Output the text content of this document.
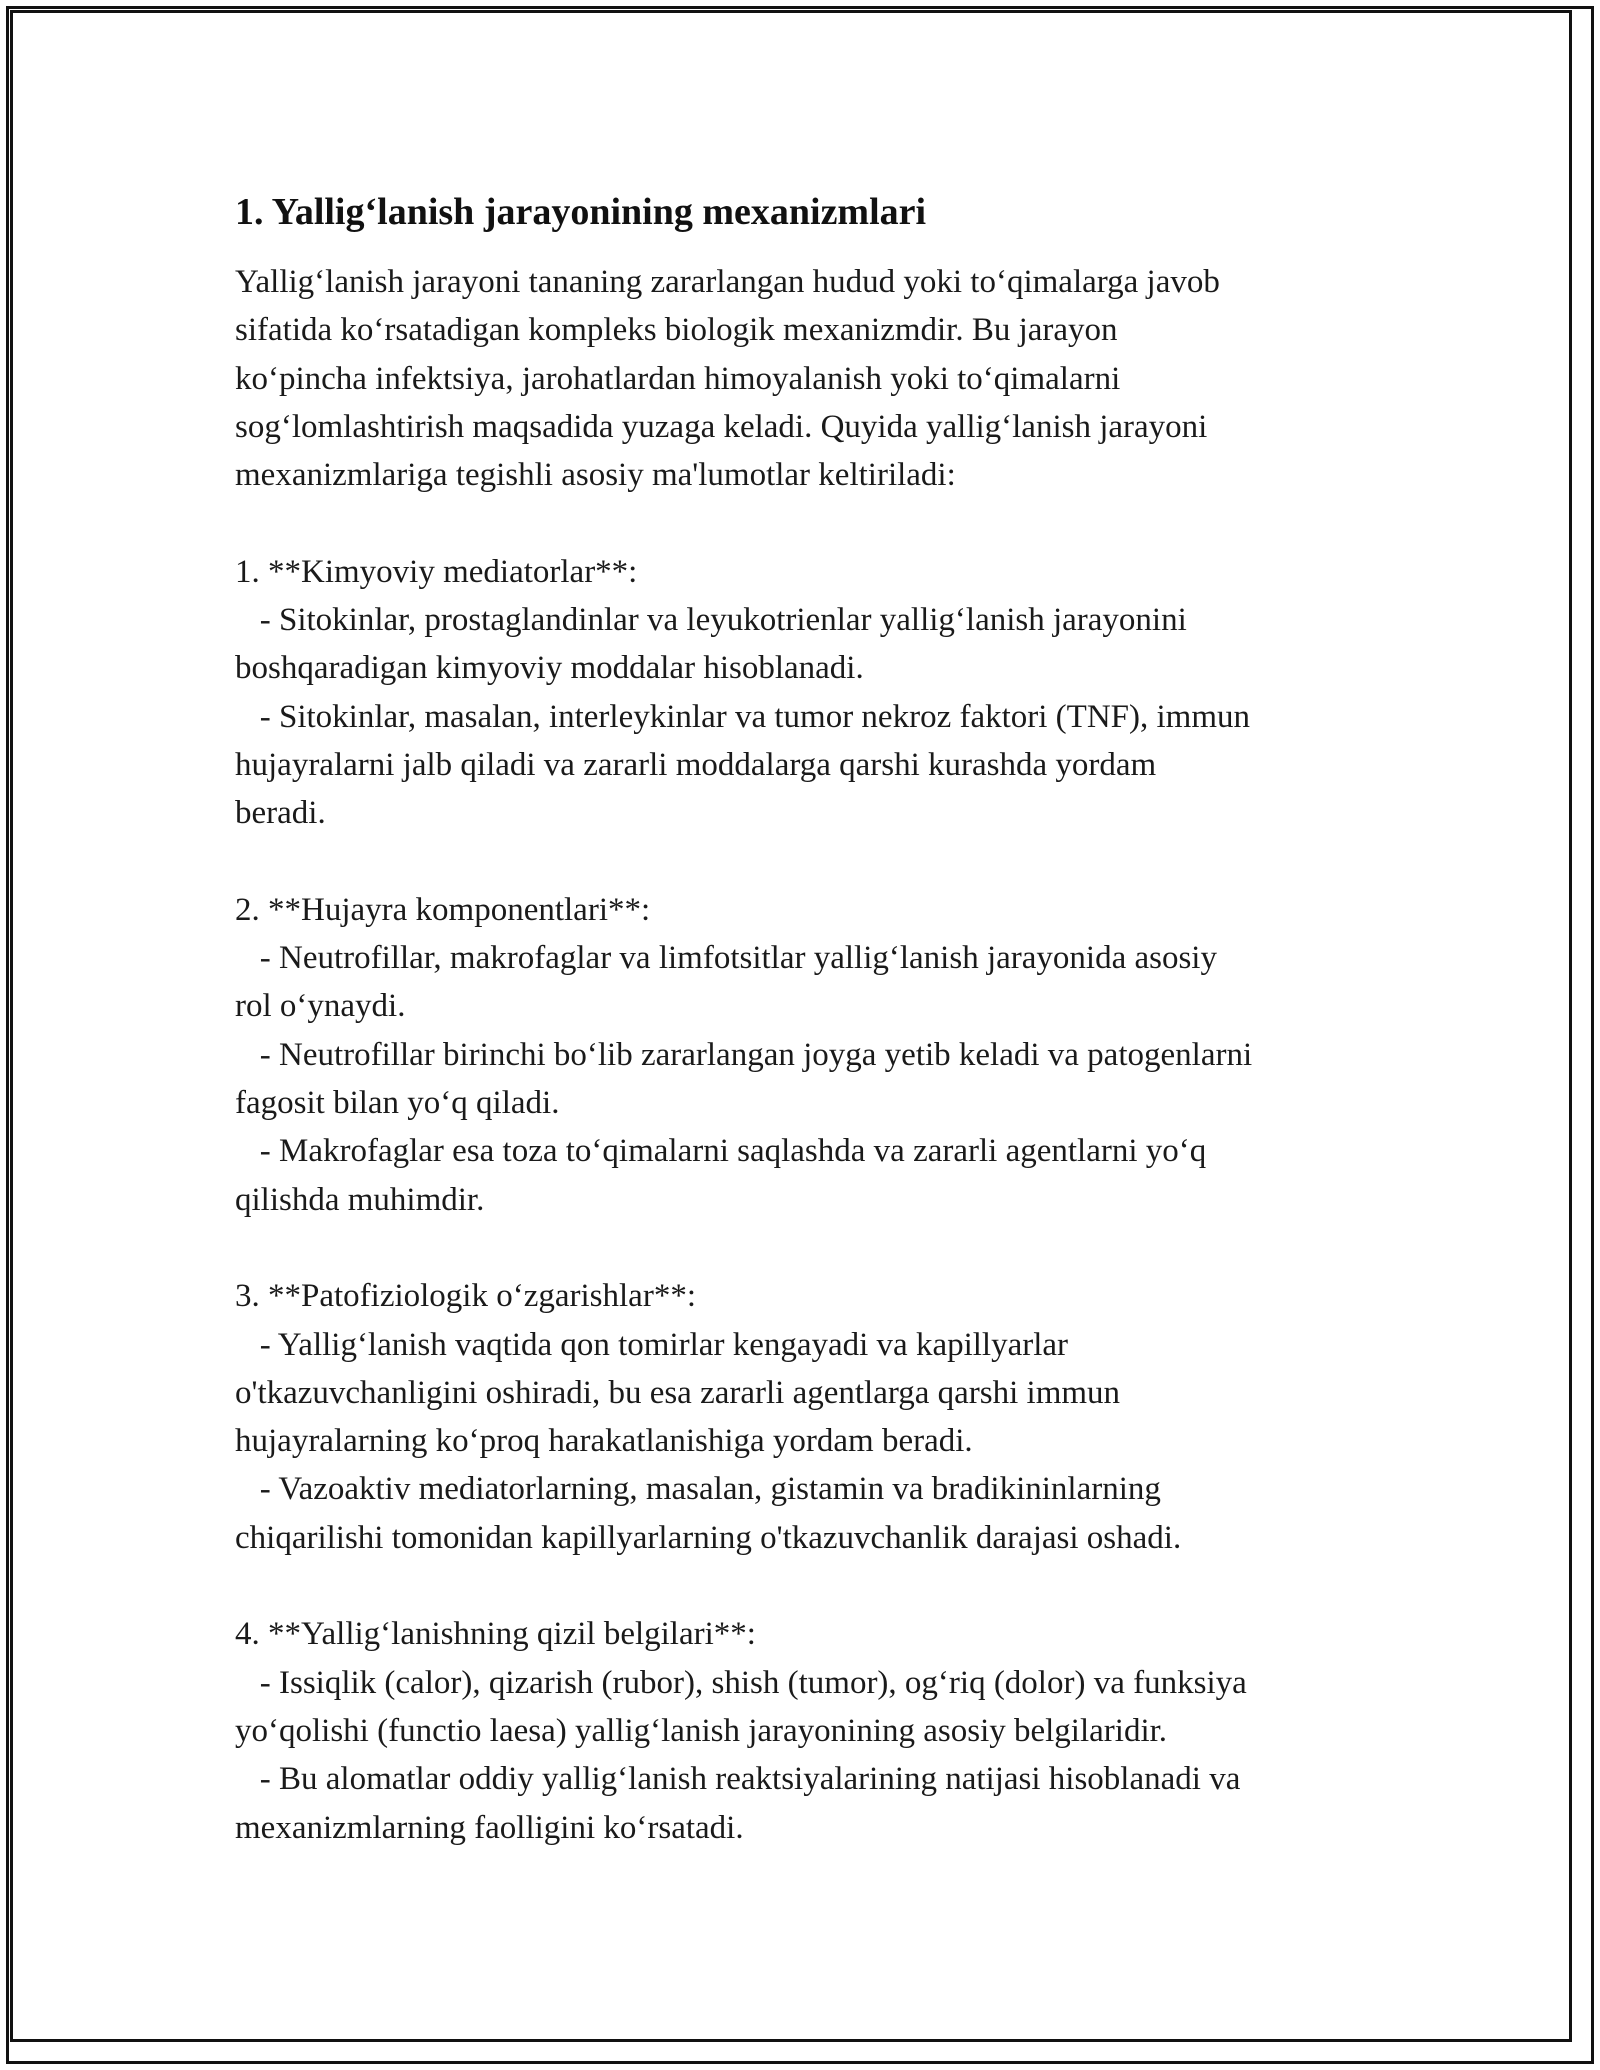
1. Yallig‘lanish jarayonining mexanizmlari

Yallig‘lanish jarayoni tananing zararlangan hudud yoki to‘qimalarga javob
sifatida ko‘rsatadigan kompleks biologik mexanizmdir. Bu jarayon
ko‘pincha infektsiya, jarohatlardan himoyalanish yoki to‘qimalarni
sog‘lomlashtirish maqsadida yuzaga keladi. Quyida yallig‘lanish jarayoni
mexanizmlariga tegishli asosiy ma'lumotlar keltiriladi:

1. **Kimyoviy mediatorlar**:

- Sitokinlar, prostaglandinlar va leyukotrienlar yallig‘lanish jarayonini
boshqaradigan kimyoviy moddalar hisoblanadi.

- Sitokinlar, masalan, interleykinlar va tumor nekroz faktori (TNF), immun
hujayralarni jalb qiladi va zararli moddalarga qarshi kurashda yordam
beradi.

2. **Hujayra komponentlari**:

- Neutrofillar, makrofaglar va limfotsitlar yallig‘lanish jarayonida asosiy
rol o‘ynaydi.

- Neutrofillar birinchi bo‘lib zararlangan joyga yetib keladi va patogenlarni
fagosit bilan yo‘q qiladi.

- Makrofaglar esa toza to‘qimalarni saqlashda va zararli agentlarni yo‘q
qilishda muhimdir.

3. **Patofiziologik o‘zgarishlar**:

- Yallig‘lanish vaqtida qon tomirlar kengayadi va kapillyarlar
o'tkazuvchanligini oshiradi, bu esa zararli agentlarga qarshi immun
hujayralarning ko‘proq harakatlanishiga yordam beradi.

- Vazoaktiv mediatorlarning, masalan, gistamin va bradikininlarning
chiqarilishi tomonidan kapillyarlarning o'tkazuvchanlik darajasi oshadi.

4. **Yallig‘lanishning qizil belgilari**:

- Issiqlik (calor), qizarish (rubor), shish (tumor), og‘riq (dolor) va funksiya
yo‘qolishi (functio laesa) yallig‘lanish jarayonining asosiy belgilaridir.

- Bu alomatlar oddiy yallig‘lanish reaktsiyalarining natijasi hisoblanadi va
mexanizmlarning faolligini ko‘rsatadi.
